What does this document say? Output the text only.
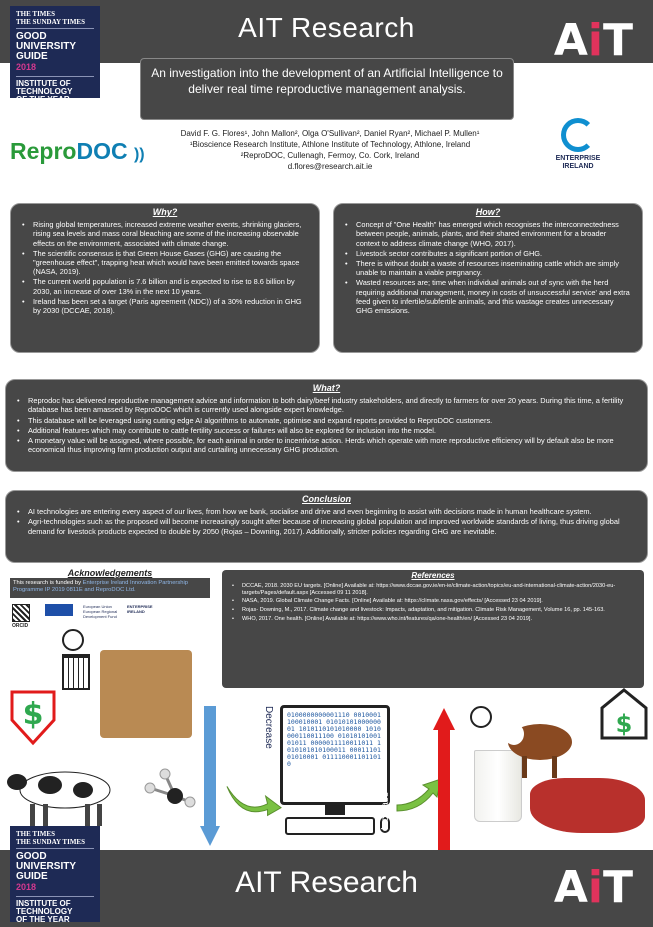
AIT Research
THE TIMES
THE SUNDAY TIMES
GOOD
UNIVERSITY
GUIDE
2018
INSTITUTE OF
TECHNOLOGY
OF THE YEAR
AiT
An investigation into the development of an Artificial Intelligence to deliver real time reproductive management analysis.
ReproDOC ))
David F. G. Flores¹, John Mallon², Olga O'Sullivan², Daniel Ryan², Michael P. Mullen¹
¹Bioscience Research Institute, Athlone Institute of Technology, Athlone, Ireland
²ReproDOC, Cullenagh, Fermoy, Co. Cork, Ireland
d.flores@research.ait.ie
ENTERPRISE
IRELAND
Why?
• Rising global temperatures, increased extreme weather events, shrinking glaciers, rising sea levels and mass coral bleaching are some of the increasing observable effects on the environment, associated with climate change.
• The scientific consensus is that Green House Gases (GHG) are causing the "greenhouse effect", trapping heat which would have been emitted towards space (NASA, 2019).
• The current world population is 7.6 billion and is expected to rise to 8.6 billion by 2030, an increase of over 13% in the next 10 years.
• Ireland has been set a target (Paris agreement (NDC)) of a 30% reduction in GHG by 2030 (DCCAE, 2018).
How?
• Concept of "One Health" has emerged which recognises the interconnectedness between people, animals, plants, and their shared environment for a broader context to address climate change (WHO, 2017).
• Livestock sector contributes a significant portion of GHG.
• There is without doubt a waste of resources inseminating cattle which are simply unable to maintain a viable pregnancy.
• Wasted resources are; time when individual animals out of sync with the herd requiring additional management, money in costs of unsuccessful service' and extra feed given to infertile/subfertile animals, and this wastage creates unnecessary GHG emissions.
What?
• Reprodoc has delivered reproductive management advice and information to both dairy/beef industry stakeholders, and directly to farmers for over 20 years. During this time, a fertility database has been amassed by ReproDOC which is currently used alongside expert knowledge.
• This database will be leveraged using cutting edge AI algorithms to automate, optimise and expand reports provided to ReproDOC customers.
• Additional features which may contribute to cattle fertility success or failures will also be explored for inclusion into the model.
• A monetary value will be assigned, where possible, for each animal in order to incentivise action. Herds which operate with more reproductive efficiency will by default also be more economical thus improving farm production output and curtailing unnecessary GHG production.
Conclusion
• AI technologies are entering every aspect of our lives, from how we bank, socialise and drive and even beginning to assist with decisions made in human healthcare system.
• Agri-technologies such as the proposed will become increasingly sought after because of increasing global population and improved worldwide standards of living, thus driving global demand for livestock products expected to double by 2050 (Rojas – Downing, 2017). Additionally, stricter policies regarding GHG are inevitable.
Acknowledgements
This research is funded by Enterprise Ireland Innovation Partnership Programme IP 2019 0811E and ReproDOC Ltd.
ORCID
European Union
European Regional Development Fund
ENTERPRISE IRELAND
References
• DCCAE, 2018. 2030 EU targets. [Online] Available at: https://www.dccae.gov.ie/en-ie/climate-action/topics/eu-and-international-climate-action/2030-eu-targets/Pages/default.aspx [Accessed 09 11 2018].
• NASA, 2019. Global Climate Change Facts. [Online] Available at: https://climate.nasa.gov/effects/ [Accessed 23 04 2019].
• Rojas- Downing, M., 2017. Climate change and livestock: Impacts, adaptation, and mitigation. Climate Risk Management, Volume 16, pp. 145-163.
• WHO, 2017. One health. [Online] Available at: https://www.who.int/features/qa/one-health/en/ [Accessed 23 04 2019].
$	Decrease 0100000000001110 0010001100010001 0101010100000001 1010110101010000 1010000110011100 0101010100101011 0000011110011011 1010101010100011 0001110101010001 0111100011011010
Increase
$
AIT Research
THE TIMES
THE SUNDAY TIMES
GOOD
UNIVERSITY
GUIDE
2018
INSTITUTE OF
TECHNOLOGY
OF THE YEAR
AiT
